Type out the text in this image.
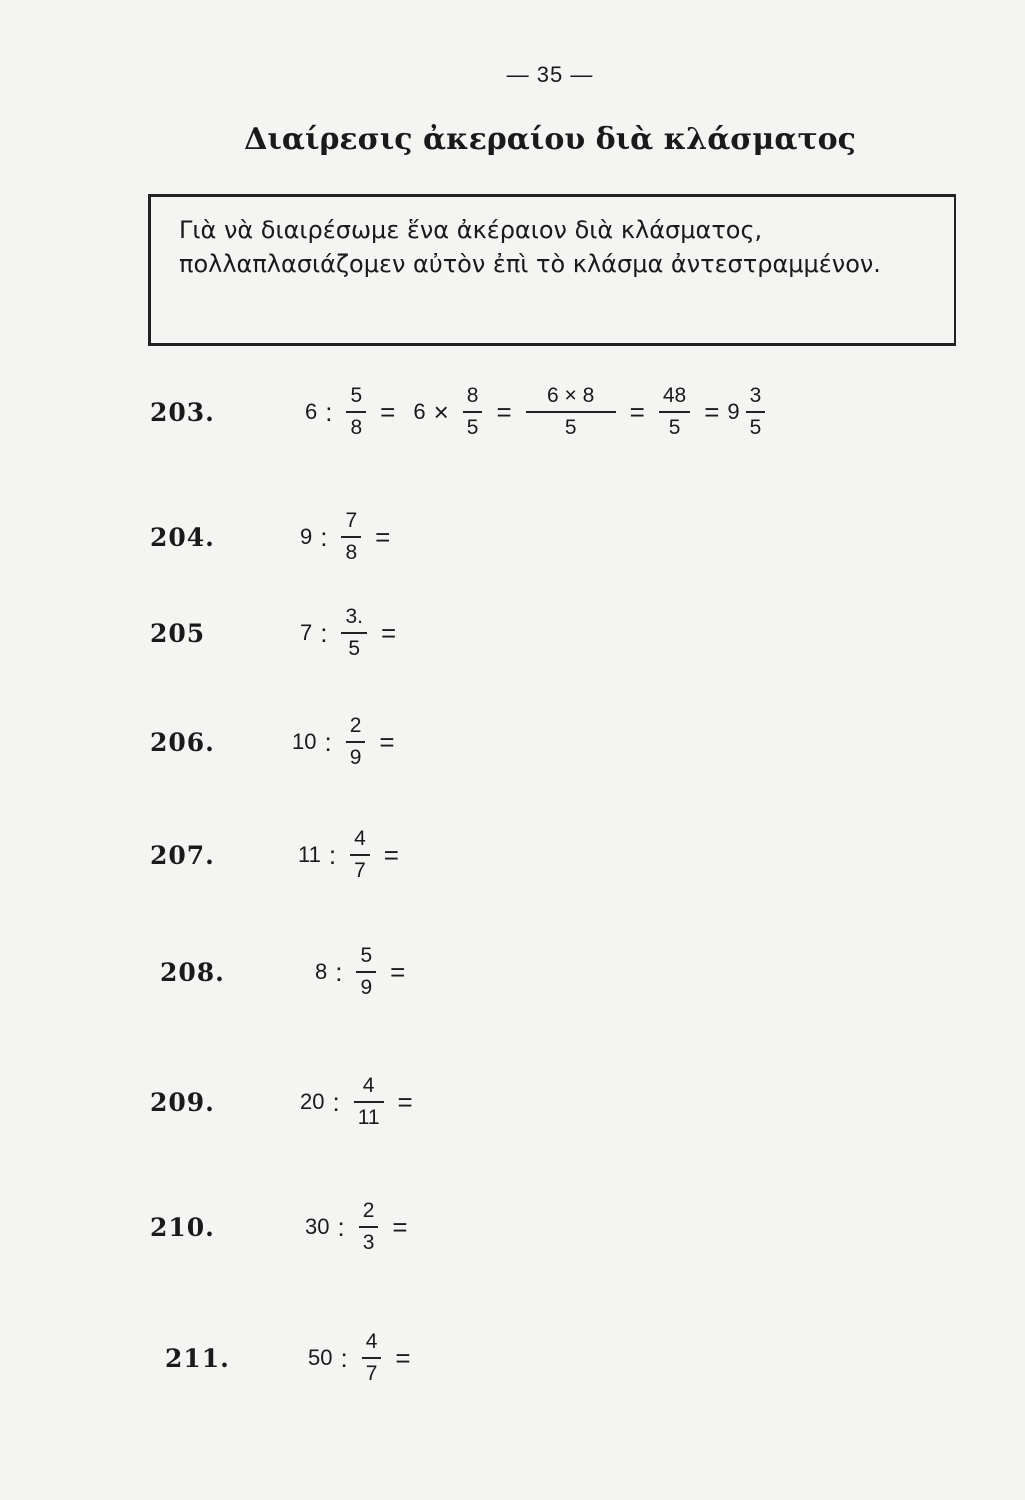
— 35 —
Διαίρεσις ἀκεραίου διὰ κλάσματος
Γιὰ νὰ διαιρέσωμε ἕνα ἀκέραιον διὰ κλάσματος, πολλαπλασιάζομεν αὐτὸν ἐπὶ τὸ κλάσμα ἀντεστραμμένον.
203.	6 : $\frac{5}{8} = 6 \times \frac{8}{5} = \frac{6 \times 8}{5} = \frac{48}{5} = 9 \frac{3}{5}$
204.	9 : $\frac{7}{8}$ =
205	7 : $\frac{3.}{5}$ =
206.	10 : $\frac{2}{9}$ =
207.	11 : $\frac{4}{7}$ =
208.	8 : $\frac{5}{9}$ =
209.	20 : $\frac{4}{11}$ =
210.	30 : $\frac{2}{3}$ =
211.	50 : $\frac{4}{7}$ =
